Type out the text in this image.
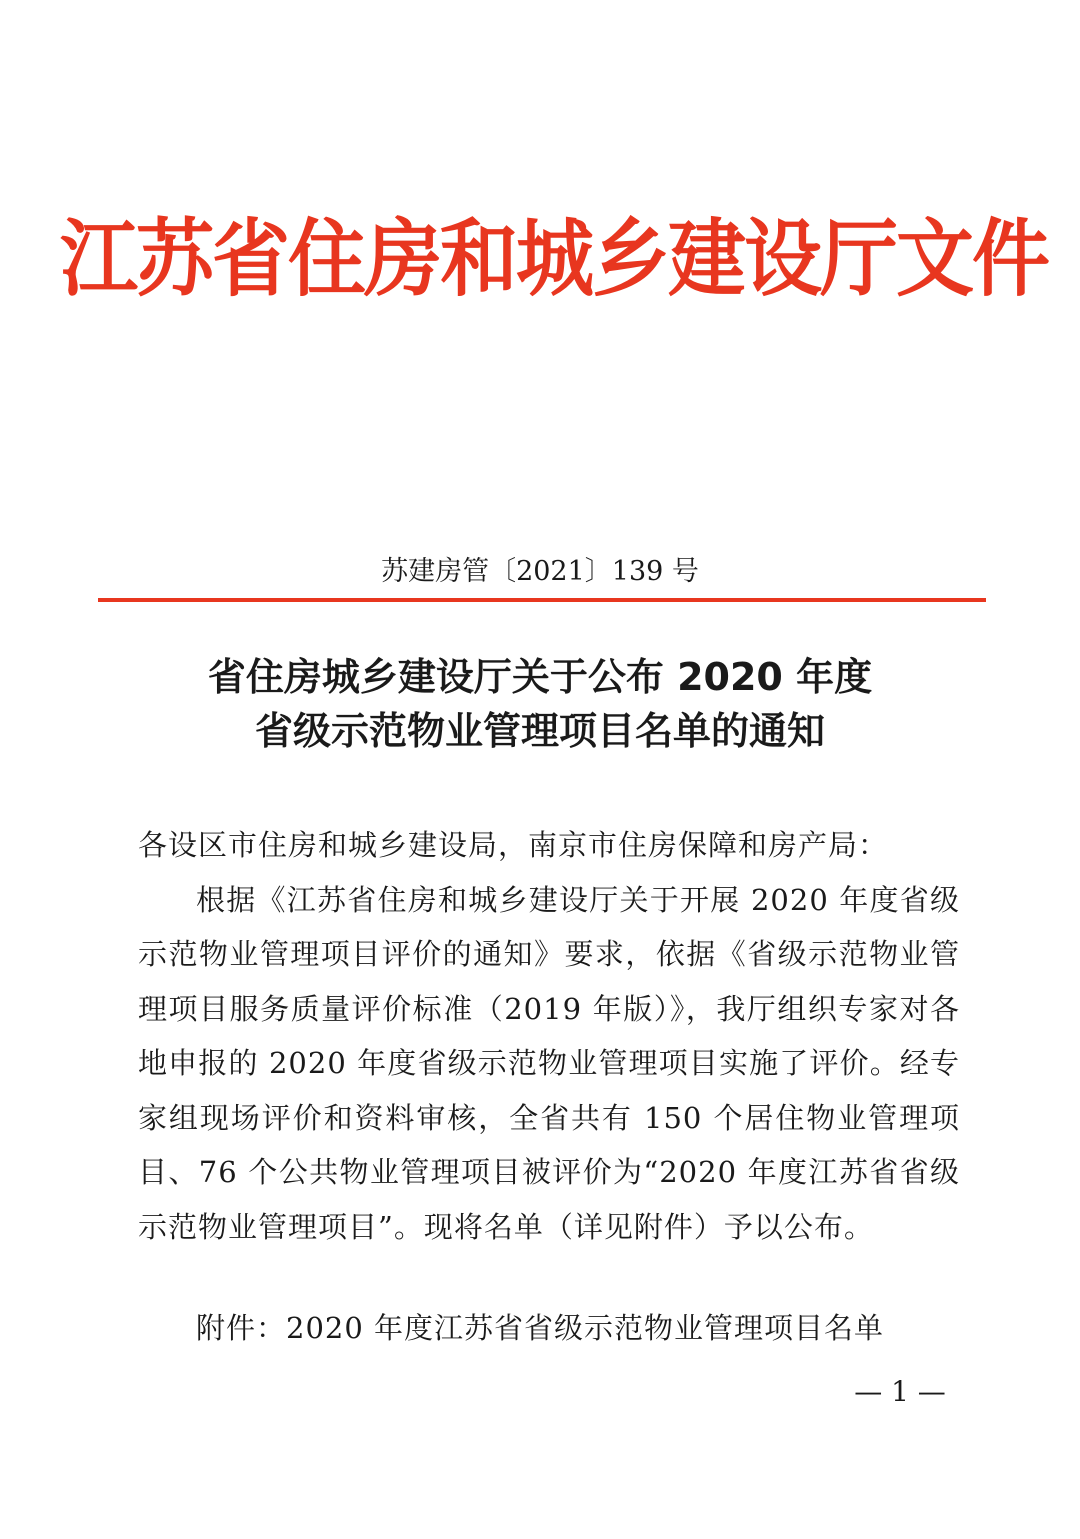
江苏省住房和城乡建设厅文件
苏建房管〔2021〕139 号
省住房城乡建设厅关于公布 2020 年度
省级示范物业管理项目名单的通知

各设区市住房和城乡建设局，南京市住房保障和房产局：

根据《江苏省住房和城乡建设厅关于开展 2020 年度省级示范物业管理项目评价的通知》要求，依据《省级示范物业管理项目服务质量评价标准（2019 年版）》，我厅组织专家对各地申报的 2020 年度省级示范物业管理项目实施了评价。经专家组现场评价和资料审核，全省共有 150 个居住物业管理项目、76 个公共物业管理项目被评价为“2020 年度江苏省省级示范物业管理项目”。现将名单（详见附件）予以公布。

附件：2020 年度江苏省省级示范物业管理项目名单
— 1 —
